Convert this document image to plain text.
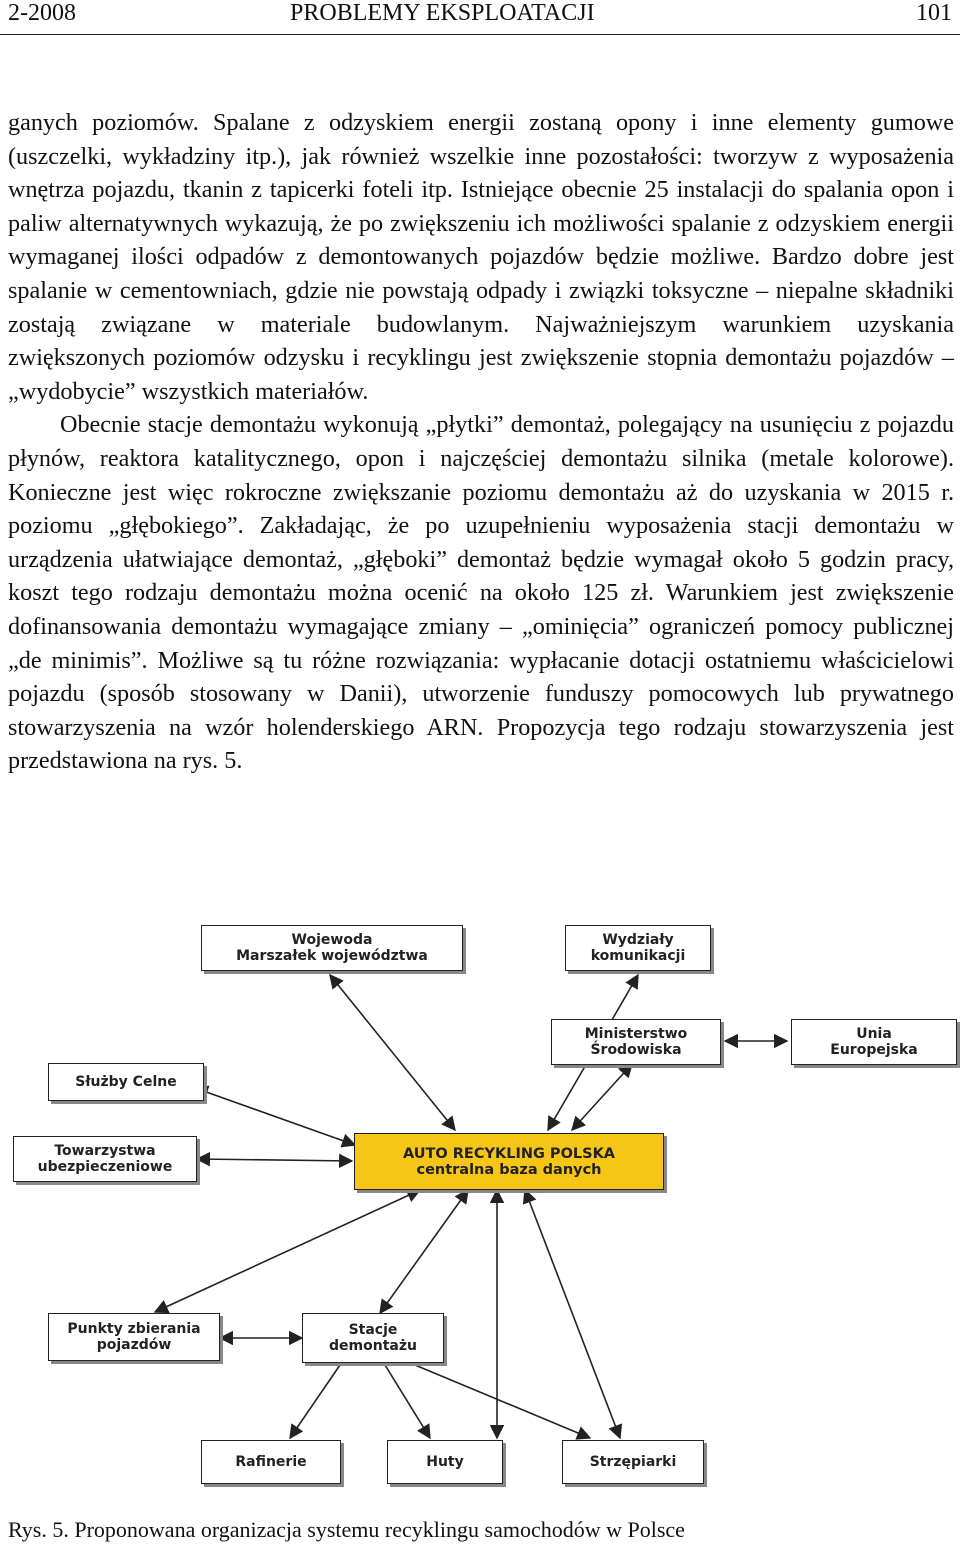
2-2008	PROBLEMY EKSPLOATACJI	101

ganych poziomów. Spalane z odzyskiem energii zostaną opony i inne elementy gumowe (uszczelki, wykładziny itp.), jak również wszelkie inne pozostałości: tworzyw z wyposażenia wnętrza pojazdu, tkanin z tapicerki foteli itp. Istniejące obecnie 25 instalacji do spalania opon i paliw alternatywnych wykazują, że po zwiększeniu ich możliwości spalanie z odzyskiem energii wymaganej ilości odpadów z demontowanych pojazdów będzie możliwe. Bardzo dobre jest spalanie w cementowniach, gdzie nie powstają odpady i związki toksyczne – niepalne składniki zostają związane w materiale budowlanym. Najważniejszym warunkiem uzyskania zwiększonych poziomów odzysku i recyklingu jest zwiększenie stopnia demontażu pojazdów – „wydobycie” wszystkich materiałów.

Obecnie stacje demontażu wykonują „płytki” demontaż, polegający na usunięciu z pojazdu płynów, reaktora katalitycznego, opon i najczęściej demontażu silnika (metale kolorowe). Konieczne jest więc rokroczne zwiększanie poziomu demontażu aż do uzyskania w 2015 r. poziomu „głębokiego”. Zakładając, że po uzupełnieniu wyposażenia stacji demontażu w urządzenia ułatwiające demontaż, „głęboki” demontaż będzie wymagał około 5 godzin pracy, koszt tego rodzaju demontażu można ocenić na około 125 zł. Warunkiem jest zwiększenie dofinansowania demontażu wymagające zmiany – „ominięcia” ograniczeń pomocy publicznej „de minimis”. Możliwe są tu różne rozwiązania: wypłacanie dotacji ostatniemu właścicielowi pojazdu (sposób stosowany w Danii), utworzenie funduszy pomocowych lub prywatnego stowarzyszenia na wzór holenderskiego ARN. Propozycja tego rodzaju stowarzyszenia jest przedstawiona na rys. 5.

Wojewoda
Marszałek województwa
Wydziały
komunikacji
Ministerstwo
Środowiska
Unia
Europejska
Służby Celne
Towarzystwa
ubezpieczeniowe
AUTO RECYKLING POLSKA
centralna baza danych
Punkty zbierania
pojazdów
Stacje
demontażu
Rafinerie	Huty	Strzępiarki
Rys. 5. Proponowana organizacja systemu recyklingu samochodów w Polsce
